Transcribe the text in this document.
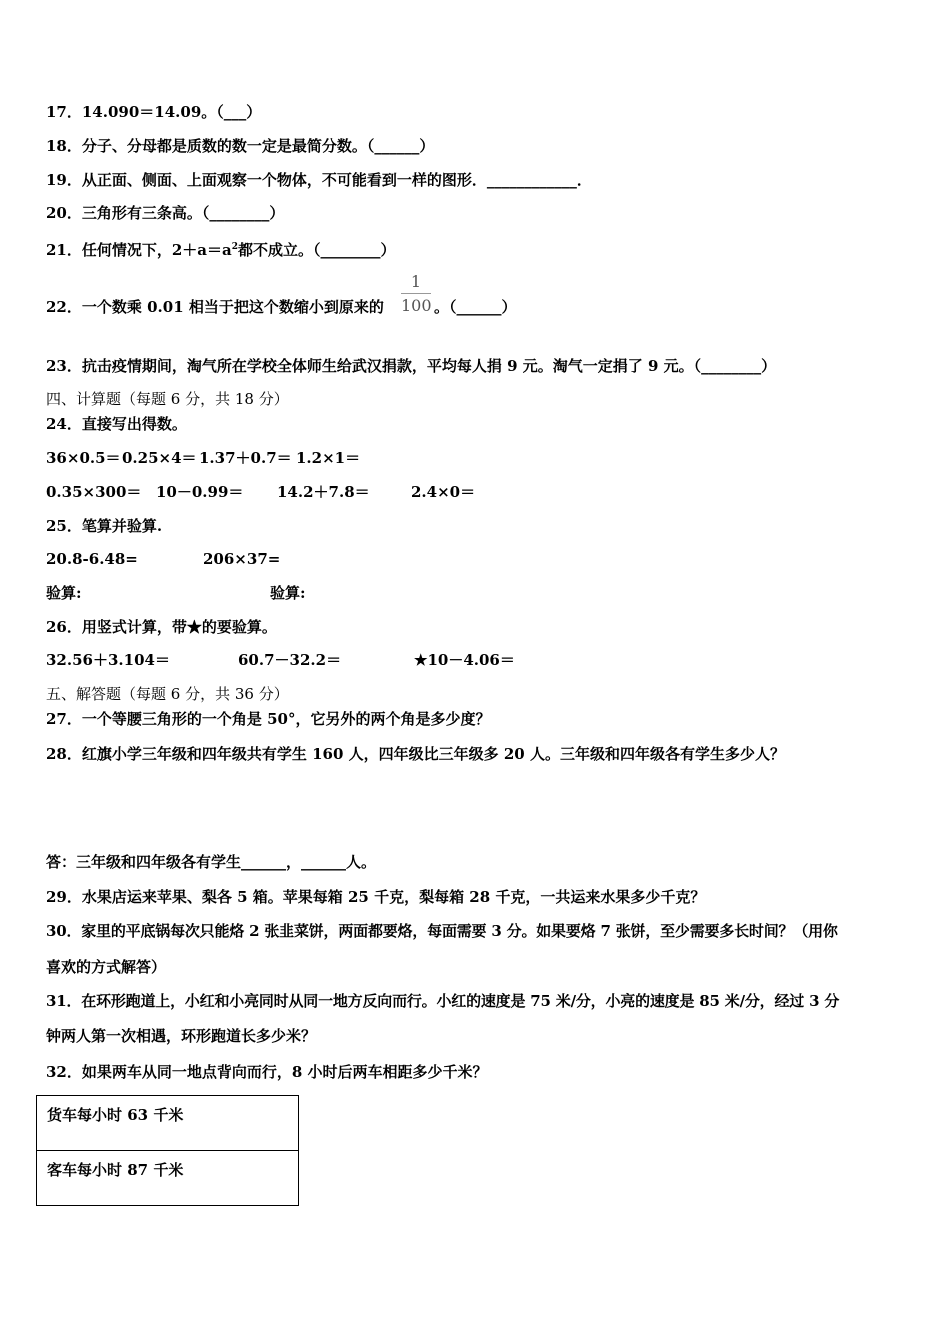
17．14.090＝14.09。（___）
18．分子、分母都是质数的数一定是最简分数。（______）
19．从正面、侧面、上面观察一个物体，不可能看到一样的图形．____________．
20．三角形有三条高。（________）
21．任何情况下，$2+a=a^2$都不成立。（________）
22．一个数乘 0.01 相当于把这个数缩小到原来的
1
100 。（______）
23．抗击疫情期间，淘气所在学校全体师生给武汉捐款，平均每人捐 9 元。淘气一定捐了 9 元。（________）
四、计算题（每题 6 分，共 18 分）
24．直接写出得数。
36×0.5＝ 0.25×4＝ 1.37＋0.7＝ 1.2×1＝
0.35×300＝ 10－0.99＝ 14.2＋7.8＝	2.4×0＝
25．笔算并验算.
20.8-6.48=	206×37=
验算:	验算:
26．用竖式计算，带★的要验算。
32.56＋3.104＝	60.7－32.2＝	★10－4.06＝
五、解答题（每题 6 分，共 36 分）
27．一个等腰三角形的一个角是 50°，它另外的两个角是多少度？
28．红旗小学三年级和四年级共有学生 160 人，四年级比三年级多 20 人。三年级和四年级各有学生多少人？
答：三年级和四年级各有学生______，______人。
29．水果店运来苹果、梨各 5 箱。苹果每箱 25 千克，梨每箱 28 千克，一共运来水果多少千克？
30．家里的平底锅每次只能烙 2 张韭菜饼，两面都要烙，每面需要 3 分。如果要烙 7 张饼，至少需要多长时间？（用你
喜欢的方式解答）
31．在环形跑道上，小红和小亮同时从同一地方反向而行。小红的速度是 75 米/分，小亮的速度是 85 米/分，经过 3 分
钟两人第一次相遇，环形跑道长多少米？
32．如果两车从同一地点背向而行，8 小时后两车相距多少千米？
货车每小时 63 千米
客车每小时 87 千米
